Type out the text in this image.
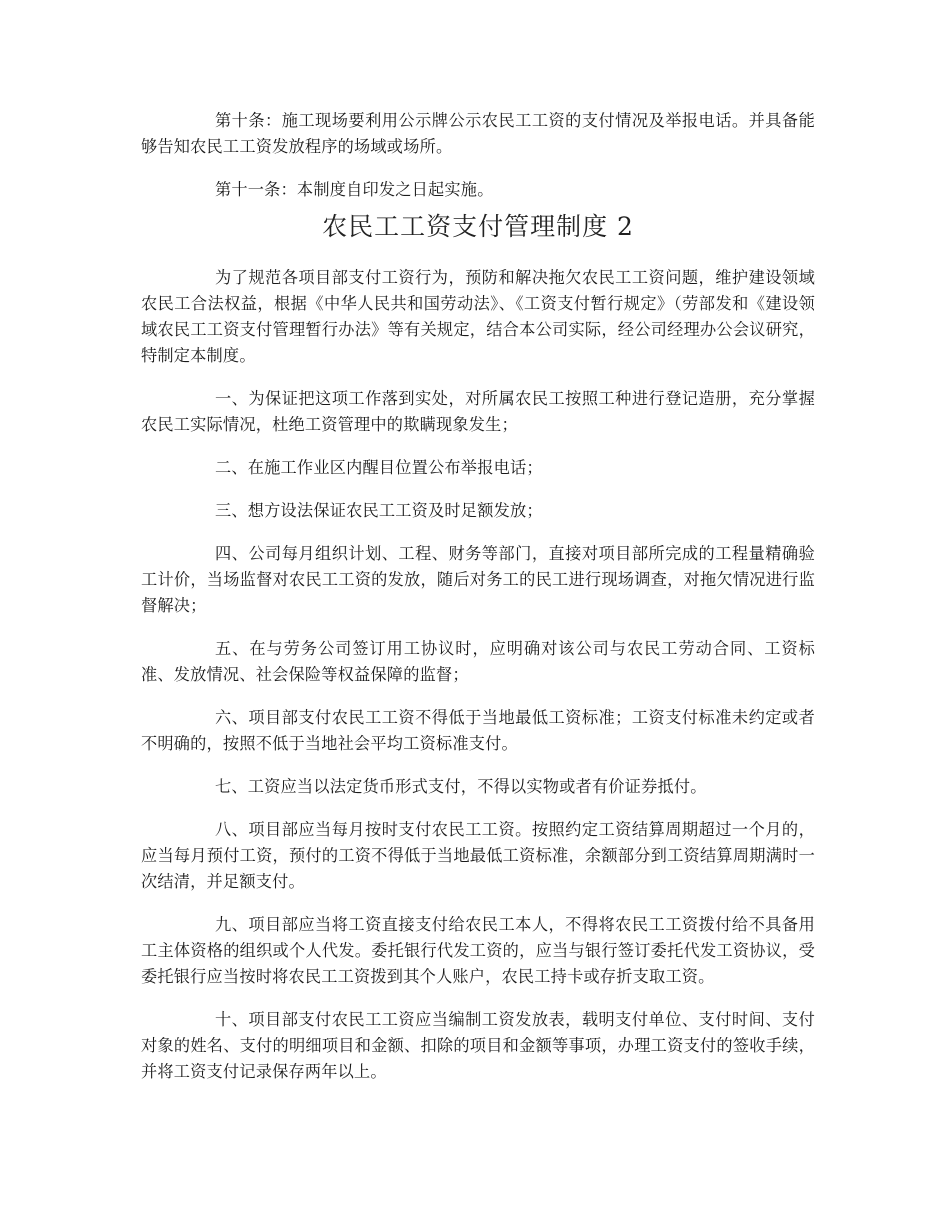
第十条：施工现场要利用公示牌公示农民工工资的支付情况及举报电话。并具备能够告知农民工工资发放程序的场域或场所。

第十一条：本制度自印发之日起实施。

农民工工资支付管理制度 2

为了规范各项目部支付工资行为，预防和解决拖欠农民工工资问题，维护建设领域农民工合法权益，根据《中华人民共和国劳动法》、《工资支付暂行规定》（劳部发和《建设领域农民工工资支付管理暂行办法》等有关规定，结合本公司实际，经公司经理办公会议研究，特制定本制度。

一、为保证把这项工作落到实处，对所属农民工按照工种进行登记造册，充分掌握农民工实际情况，杜绝工资管理中的欺瞒现象发生；

二、在施工作业区内醒目位置公布举报电话；

三、想方设法保证农民工工资及时足额发放；

四、公司每月组织计划、工程、财务等部门，直接对项目部所完成的工程量精确验工计价，当场监督对农民工工资的发放，随后对务工的民工进行现场调查，对拖欠情况进行监督解决；

五、在与劳务公司签订用工协议时，应明确对该公司与农民工劳动合同、工资标准、发放情况、社会保险等权益保障的监督；

六、项目部支付农民工工资不得低于当地最低工资标准；工资支付标准未约定或者不明确的，按照不低于当地社会平均工资标准支付。

七、工资应当以法定货币形式支付，不得以实物或者有价证券抵付。

八、项目部应当每月按时支付农民工工资。按照约定工资结算周期超过一个月的，应当每月预付工资，预付的工资不得低于当地最低工资标准，余额部分到工资结算周期满时一次结清，并足额支付。

九、项目部应当将工资直接支付给农民工本人，不得将农民工工资拨付给不具备用工主体资格的组织或个人代发。委托银行代发工资的，应当与银行签订委托代发工资协议，受委托银行应当按时将农民工工资拨到其个人账户，农民工持卡或存折支取工资。

十、项目部支付农民工工资应当编制工资发放表，载明支付单位、支付时间、支付对象的姓名、支付的明细项目和金额、扣除的项目和金额等事项，办理工资支付的签收手续，并将工资支付记录保存两年以上。
